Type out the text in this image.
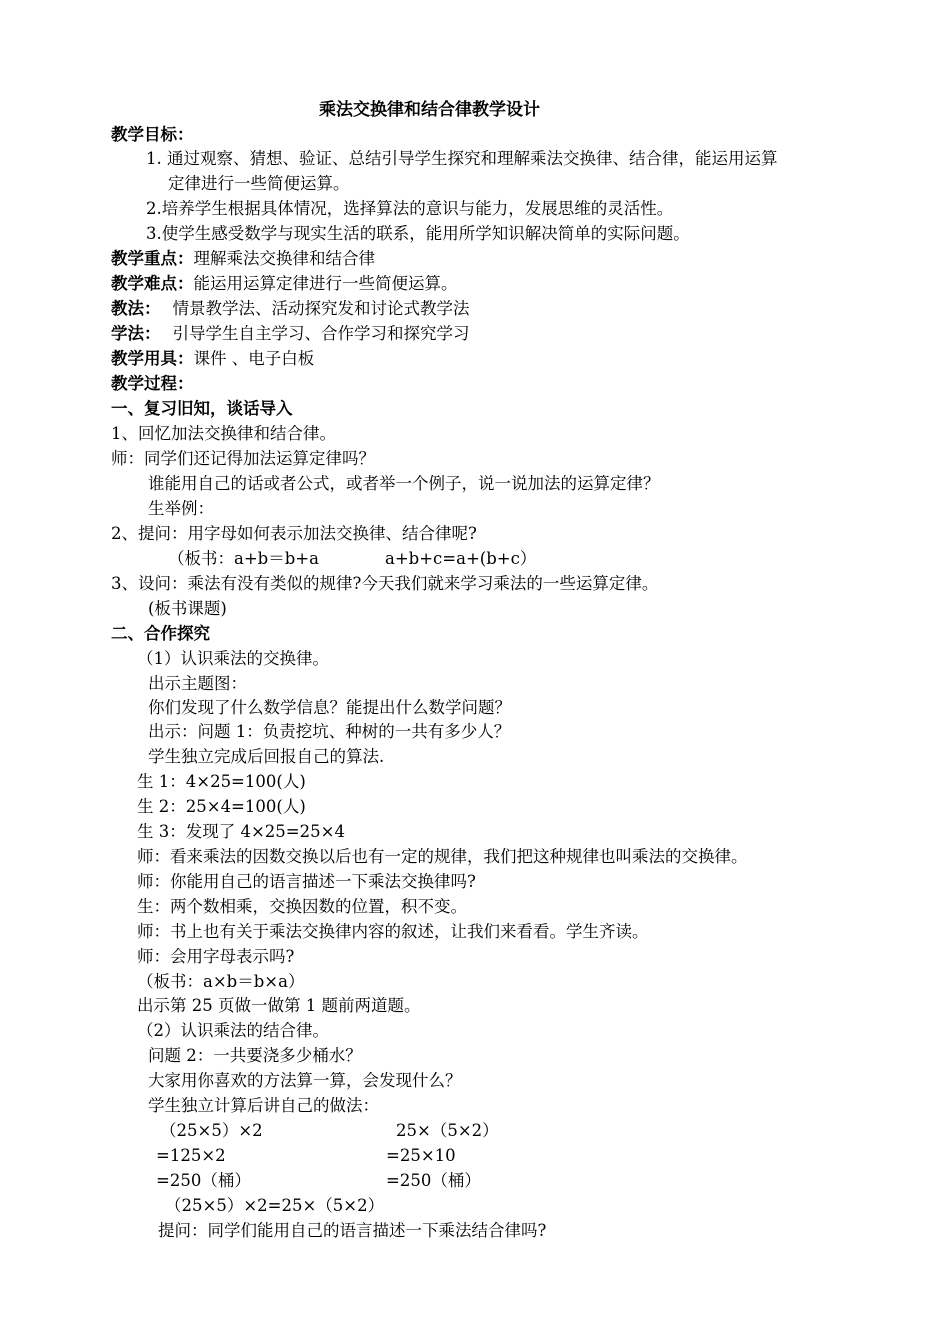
乘法交换律和结合律教学设计
教学目标：
1. 通过观察、猜想、验证、总结引导学生探究和理解乘法交换律、结合律，能运用运算
定律进行一些简便运算。
2.培养学生根据具体情况，选择算法的意识与能力，发展思维的灵活性。
3.使学生感受数学与现实生活的联系，能用所学知识解决简单的实际问题。
教学重点：理解乘法交换律和结合律
教学难点：能运用运算定律进行一些简便运算。
教法： 情景教学法、活动探究发和讨论式教学法
学法： 引导学生自主学习、合作学习和探究学习
教学用具：课件 、电子白板
教学过程：
一、复习旧知，谈话导入
1、回忆加法交换律和结合律。
师：同学们还记得加法运算定律吗？
谁能用自己的话或者公式，或者举一个例子，说一说加法的运算定律？
生举例：
2、提问：用字母如何表示加法交换律、结合律呢?
（板书：a+b＝b+a	a+b+c=a+(b+c）
3、设问：乘法有没有类似的规律?今天我们就来学习乘法的一些运算定律。
(板书课题)
二、合作探究
（1）认识乘法的交换律。
出示主题图：
你们发现了什么数学信息？能提出什么数学问题？
出示：问题 1：负责挖坑、种树的一共有多少人？
学生独立完成后回报自己的算法.
生 1：4×25=100(人)
生 2：25×4=100(人)
生 3：发现了 4×25=25×4
师：看来乘法的因数交换以后也有一定的规律，我们把这种规律也叫乘法的交换律。
师：你能用自己的语言描述一下乘法交换律吗?
生：两个数相乘，交换因数的位置，积不变。
师：书上也有关于乘法交换律内容的叙述，让我们来看看。学生齐读。
师：会用字母表示吗?
（板书：a×b＝b×a）
出示第 25 页做一做第 1 题前两道题。
（2）认识乘法的结合律。
问题 2：一共要浇多少桶水？
大家用你喜欢的方法算一算，会发现什么？
学生独立计算后讲自己的做法：
（25×5）×2	25×（5×2）
=125×2	=25×10
=250（桶）	=250（桶）
（25×5）×2=25×（5×2）
提问：同学们能用自己的语言描述一下乘法结合律吗?
